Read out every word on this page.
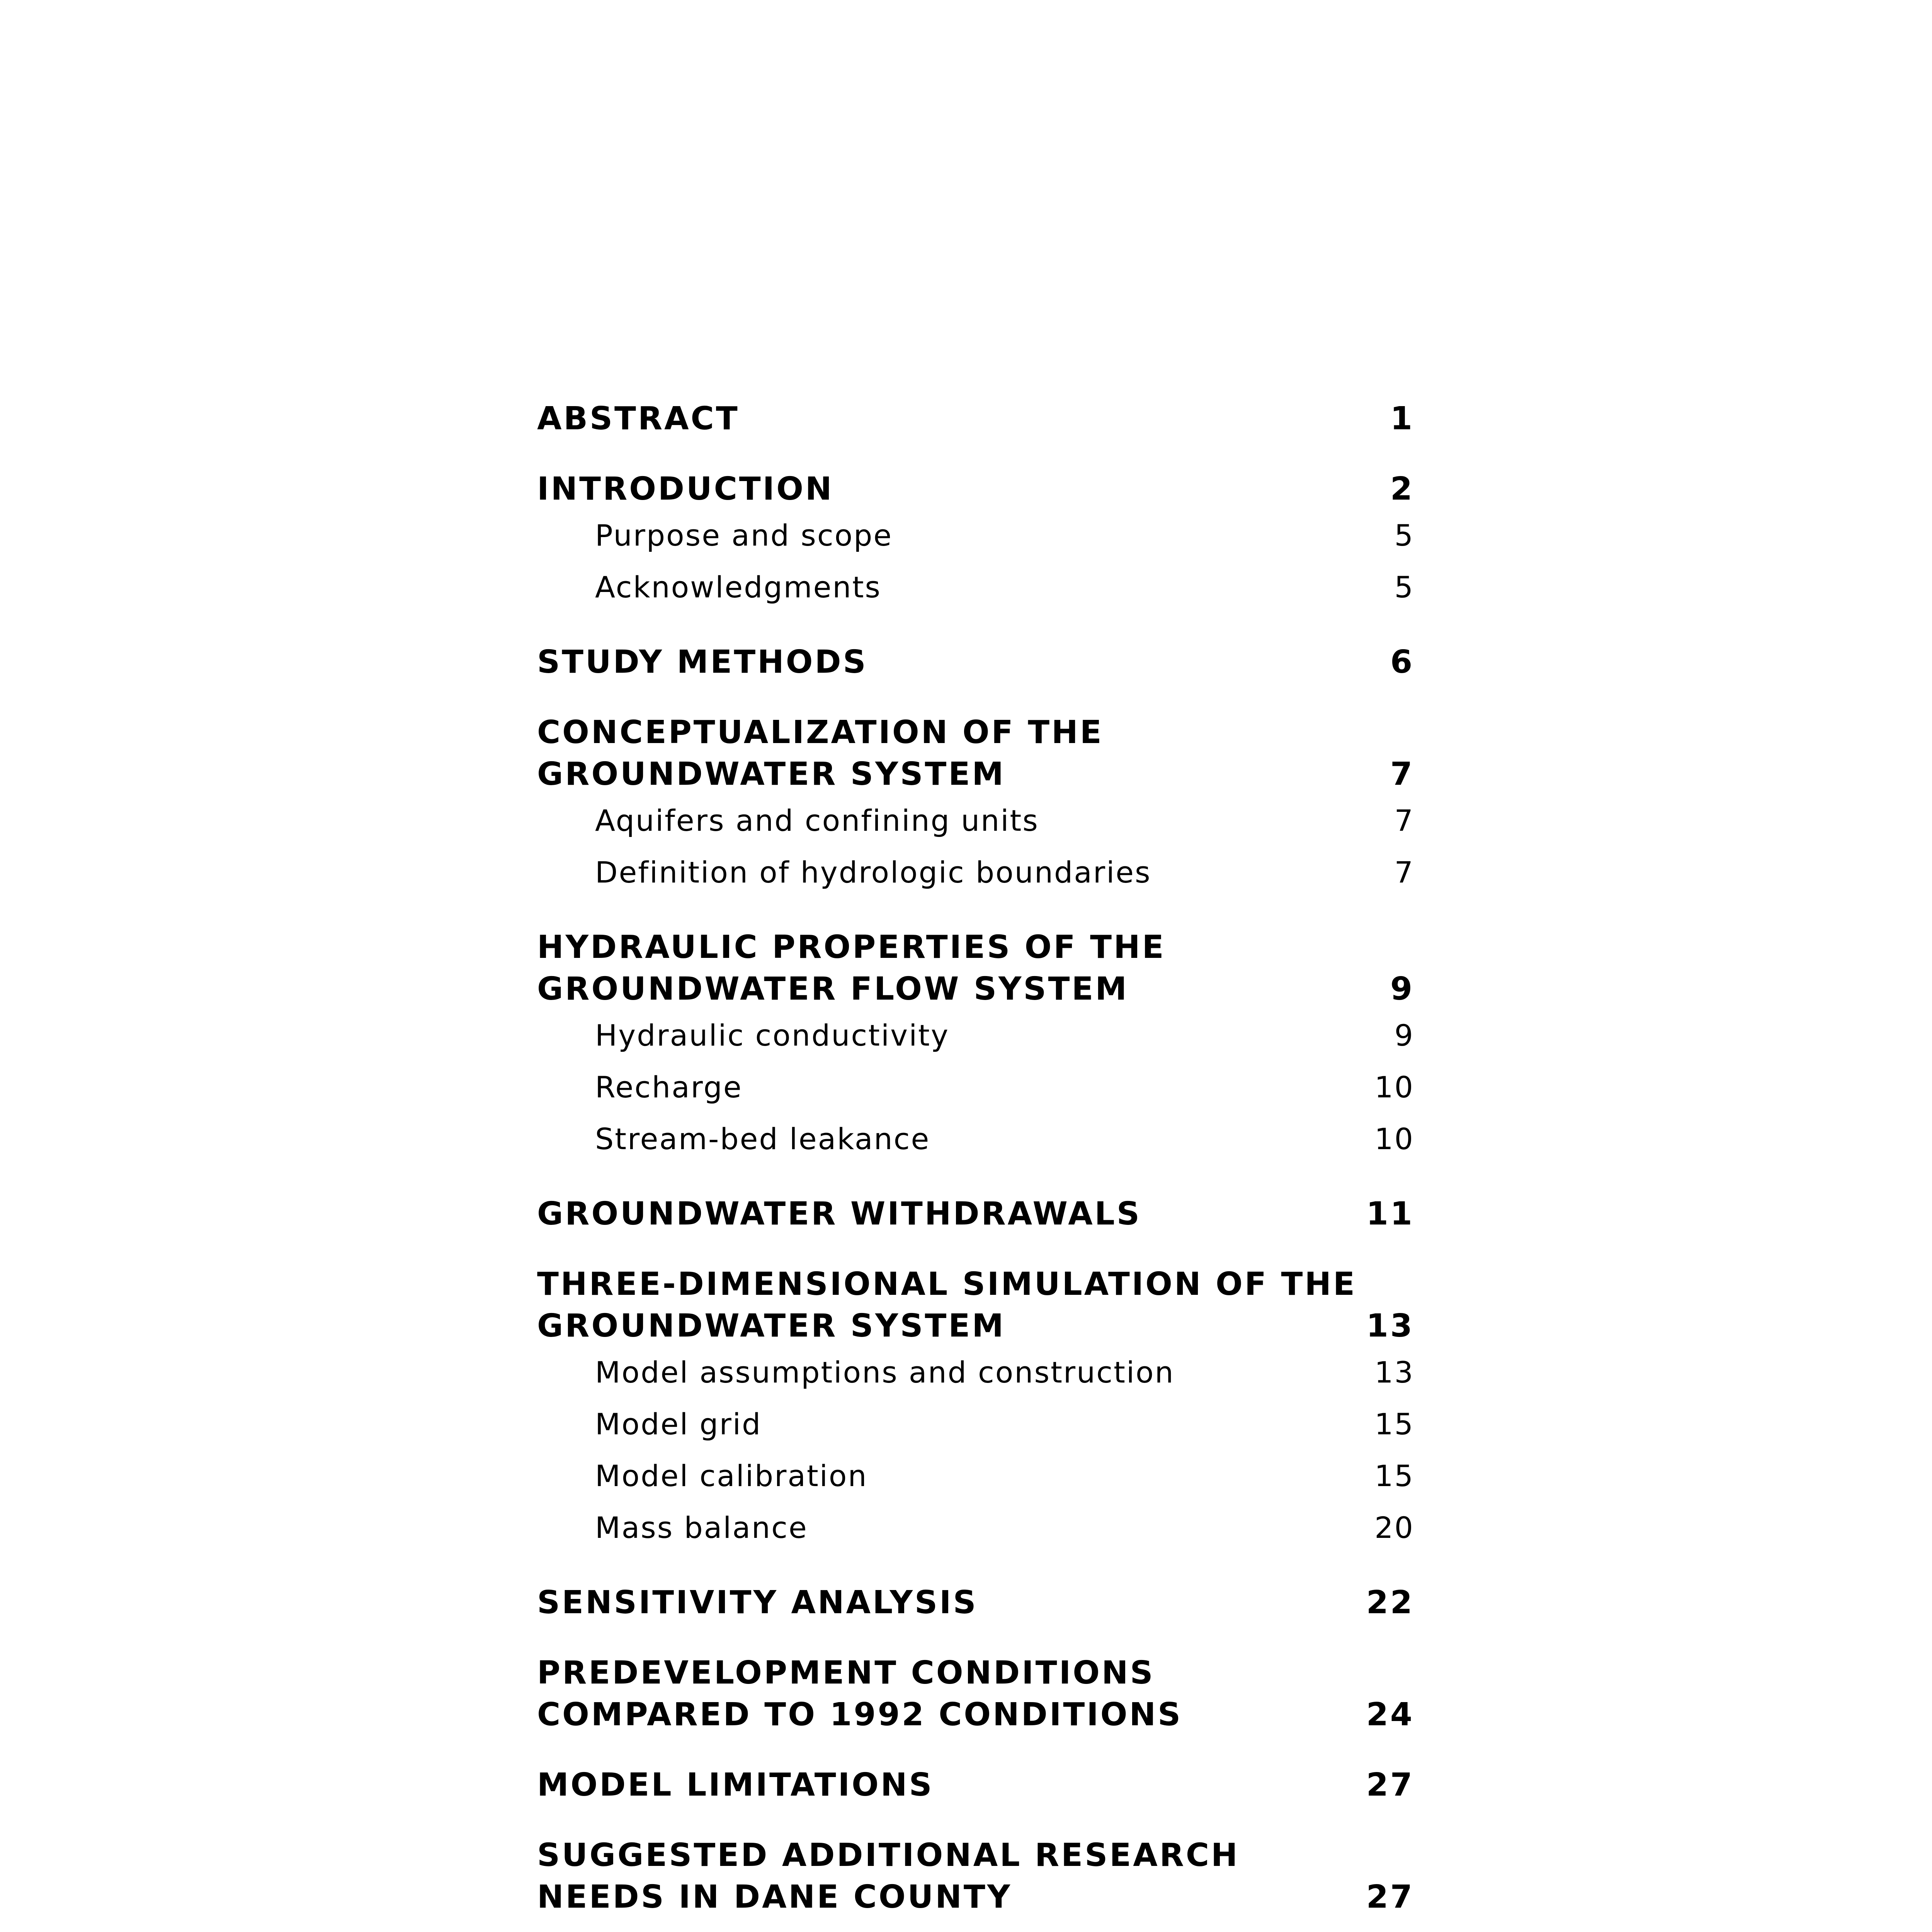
ABSTRACT	1
INTRODUCTION	2
Purpose and scope	5
Acknowledgments	5
STUDY METHODS	6
CONCEPTUALIZATION OF THE
GROUNDWATER SYSTEM	7
Aquifers and confining units	7
Definition of hydrologic boundaries	7
HYDRAULIC PROPERTIES OF THE
GROUNDWATER FLOW SYSTEM	9
Hydraulic conductivity	9
Recharge	10
Stream-bed leakance	10
GROUNDWATER WITHDRAWALS	11
THREE-DIMENSIONAL SIMULATION OF THE
GROUNDWATER SYSTEM	13
Model assumptions and construction	13
Model grid	15
Model calibration	15
Mass balance	20
SENSITIVITY ANALYSIS	22
PREDEVELOPMENT CONDITIONS
COMPARED TO 1992 CONDITIONS	24
MODEL LIMITATIONS	27
SUGGESTED ADDITIONAL RESEARCH
NEEDS IN DANE COUNTY	27
